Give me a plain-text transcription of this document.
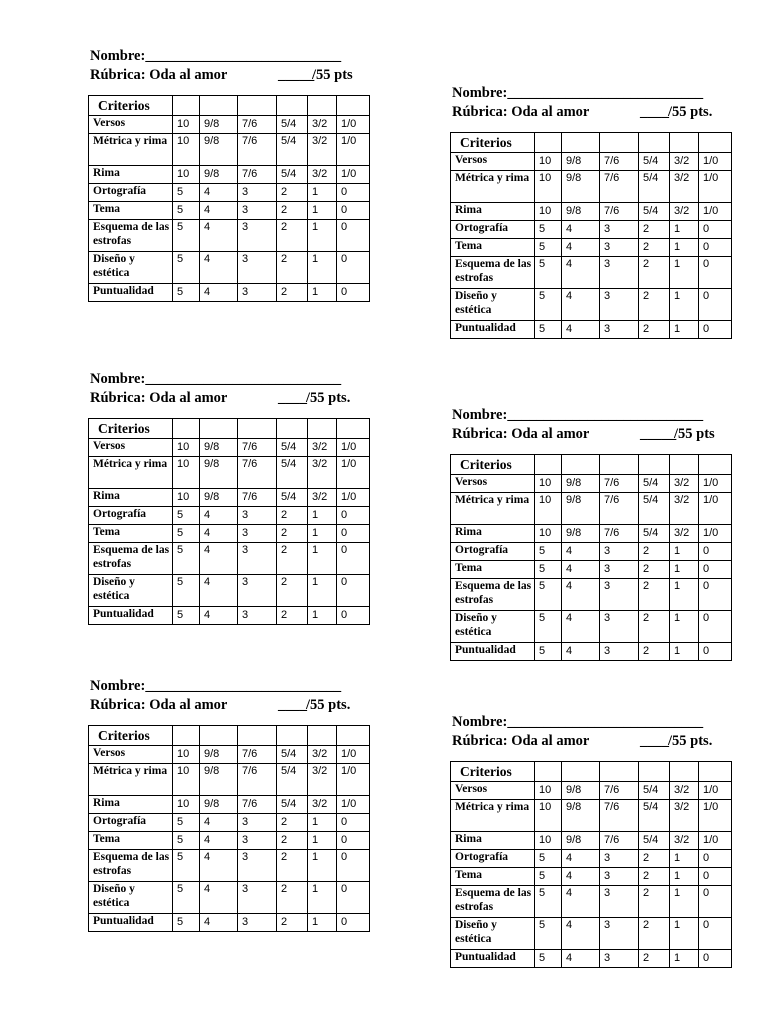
Nombre:___________________________
Rúbrica: Oda al amor	_____
/55 pts
Criterios						
Versos	10	9/8	7/6	5/4	3/2	1/0
Métrica y rima	10	9/8	7/6	5/4	3/2	1/0
Rima	10	9/8	7/6	5/4	3/2	1/0
Ortografía	5	4	3	2	1	0
Tema	5	4	3	2	1	0
Esquema de las estrofas	5	4	3	2	1	0
Diseño y estética	5	4	3	2	1	0
Puntualidad	5	4	3	2	1	0
Nombre:___________________________
Rúbrica: Oda al amor	____ /55 pts.
Criterios						
Versos	10	9/8	7/6	5/4	3/2	1/0
Métrica y rima	10	9/8	7/6	5/4	3/2	1/0
Rima	10	9/8	7/6	5/4	3/2	1/0
Ortografía	5	4	3	2	1	0
Tema	5	4	3	2	1	0
Esquema de las estrofas	5	4	3	2	1	0
Diseño y estética	5	4	3	2	1	0
Puntualidad	5	4	3	2	1	0
Nombre:___________________________
Rúbrica: Oda al amor	____ /55 pts.
Criterios						
Versos	10	9/8	7/6	5/4	3/2	1/0
Métrica y rima	10	9/8	7/6	5/4	3/2	1/0
Rima	10	9/8	7/6	5/4	3/2	1/0
Ortografía	5	4	3	2	1	0
Tema	5	4	3	2	1	0
Esquema de las estrofas	5	4	3	2	1	0
Diseño y estética	5	4	3	2	1	0
Puntualidad	5	4	3	2	1	0
Nombre:___________________________
Rúbrica: Oda al amor	_____
/55 pts
Criterios						
Versos	10	9/8	7/6	5/4	3/2	1/0
Métrica y rima	10	9/8	7/6	5/4	3/2	1/0
Rima	10	9/8	7/6	5/4	3/2	1/0
Ortografía	5	4	3	2	1	0
Tema	5	4	3	2	1	0
Esquema de las estrofas	5	4	3	2	1	0
Diseño y estética	5	4	3	2	1	0
Puntualidad	5	4	3	2	1	0
Nombre:___________________________
Rúbrica: Oda al amor	____ /55 pts.
Criterios						
Versos	10	9/8	7/6	5/4	3/2	1/0
Métrica y rima	10	9/8	7/6	5/4	3/2	1/0
Rima	10	9/8	7/6	5/4	3/2	1/0
Ortografía	5	4	3	2	1	0
Tema	5	4	3	2	1	0
Esquema de las estrofas	5	4	3	2	1	0
Diseño y estética	5	4	3	2	1	0
Puntualidad	5	4	3	2	1	0
Nombre:___________________________
Rúbrica: Oda al amor	____ /55 pts.
Criterios						
Versos	10	9/8	7/6	5/4	3/2	1/0
Métrica y rima	10	9/8	7/6	5/4	3/2	1/0
Rima	10	9/8	7/6	5/4	3/2	1/0
Ortografía	5	4	3	2	1	0
Tema	5	4	3	2	1	0
Esquema de las estrofas	5	4	3	2	1	0
Diseño y estética	5	4	3	2	1	0
Puntualidad	5	4	3	2	1	0
